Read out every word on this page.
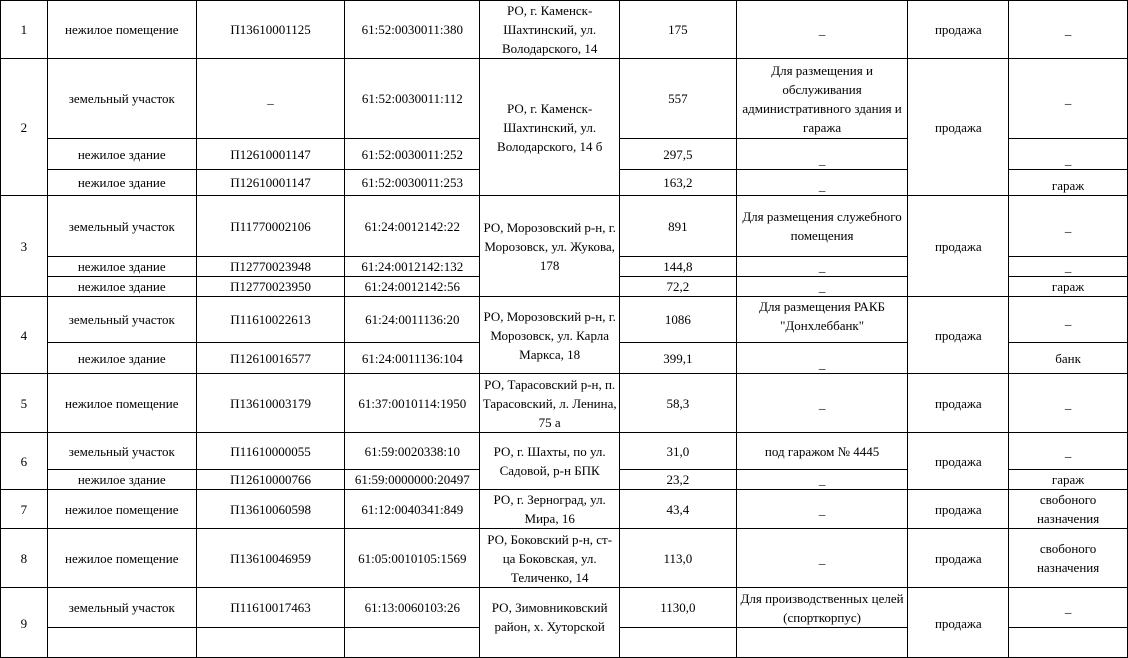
1	нежилое помещение	П13610001125	61:52:0030011:380	РО, г. Каменск-Шахтинский, ул. Володарского, 14	175	_	продажа	_
2	земельный участок	_	61:52:0030011:112	РО, г. Каменск-Шахтинский, ул. Володарского, 14 б	557	Для размещения и обслуживания административного здания и гаража	продажа	_
	нежилое здание	П12610001147	61:52:0030011:252		297,5	_		_
	нежилое здание	П12610001147	61:52:0030011:253		163,2	_		гараж
3	земельный участок	П11770002106	61:24:0012142:22	РО, Морозовский р-н, г. Морозовск, ул. Жукова, 178	891	Для размещения служебного помещения	продажа	_
	нежилое здание	П12770023948	61:24:0012142:132		144,8	_		_
	нежилое здание	П12770023950	61:24:0012142:56		72,2	_		гараж
4	земельный участок	П11610022613	61:24:0011136:20	РО, Морозовский р-н, г. Морозовск, ул. Карла Маркса, 18	1086	Для размещения РАКБ "Донхлеббанк"	продажа	_
	нежилое здание	П12610016577	61:24:0011136:104		399,1	_		банк
5	нежилое помещение	П13610003179	61:37:0010114:1950	РО, Тарасовский р-н, п. Тарасовский, л. Ленина, 75 а	58,3	_	продажа	_
6	земельный участок	П11610000055	61:59:0020338:10	РО, г. Шахты, по ул. Садовой, р-н БПК	31,0	под гаражом № 4445	продажа	_
	нежилое здание	П12610000766	61:59:0000000:20497		23,2	_		гараж
7	нежилое помещение	П13610060598	61:12:0040341:849	РО, г. Зерноград, ул. Мира, 16	43,4	_	продажа	свобоного назначения
8	нежилое помещение	П13610046959	61:05:0010105:1569	РО, Боковский р-н, ст-ца Боковская, ул. Теличенко, 14	113,0	_	продажа	свобоного назначения
9	земельный участок	П11610017463	61:13:0060103:26	РО, Зимовниковский район, х. Хуторской	1130,0	Для производственных целей (спорткорпус)	продажа	_
